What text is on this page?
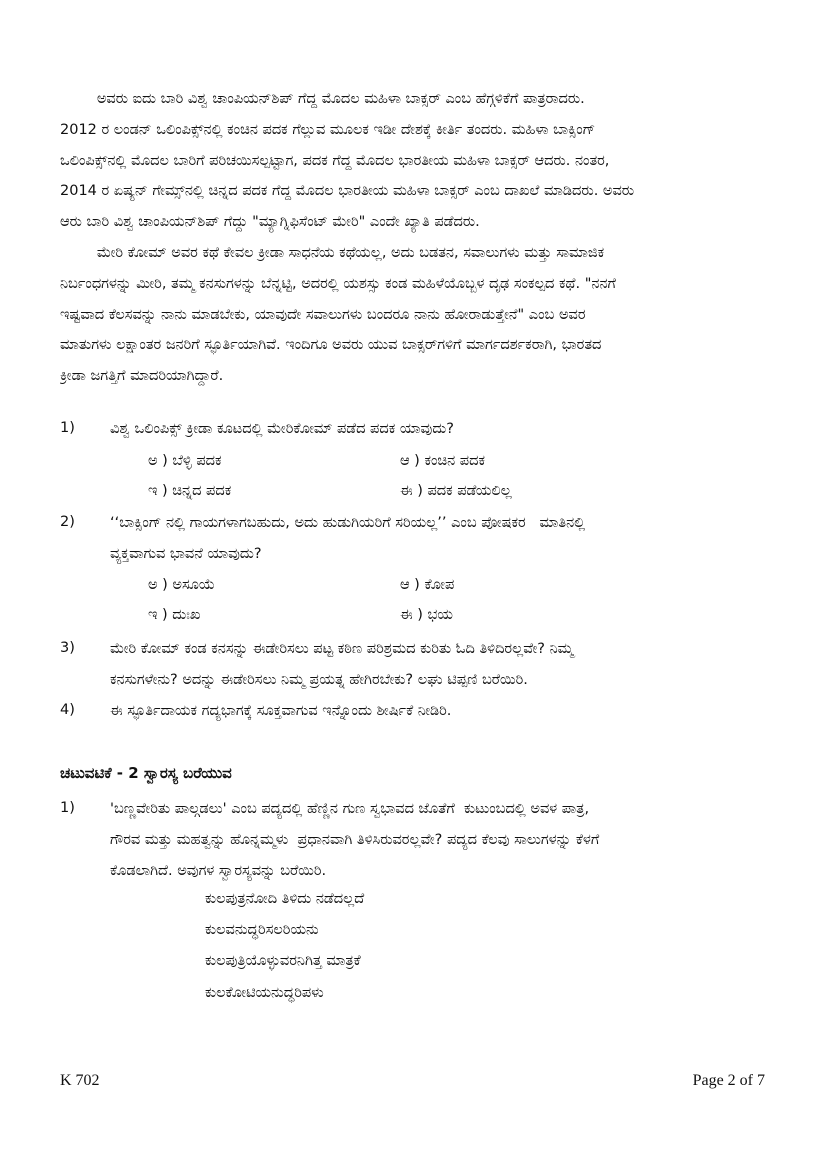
ಅವರು ಐದು ಬಾರಿ ವಿಶ್ವ ಚಾಂಪಿಯನ್‌ಶಿಪ್ ಗೆದ್ದ ಮೊದಲ ಮಹಿಳಾ ಬಾಕ್ಸರ್ ಎಂಬ ಹೆಗ್ಗಳಿಕೆಗೆ ಪಾತ್ರರಾದರು.
2012 ರ ಲಂಡನ್ ಒಲಿಂಪಿಕ್ಸ್‌ನಲ್ಲಿ ಕಂಚಿನ ಪದಕ ಗೆಲ್ಲುವ ಮೂಲಕ ಇಡೀ ದೇಶಕ್ಕೆ ಕೀರ್ತಿ ತಂದರು. ಮಹಿಳಾ ಬಾಕ್ಸಿಂಗ್
ಒಲಿಂಪಿಕ್ಸ್‌ನಲ್ಲಿ ಮೊದಲ ಬಾರಿಗೆ ಪರಿಚಯಿಸಲ್ಪಟ್ಟಾಗ, ಪದಕ ಗೆದ್ದ ಮೊದಲ ಭಾರತೀಯ ಮಹಿಳಾ ಬಾಕ್ಸರ್ ಆದರು. ನಂತರ,
2014 ರ ಏಷ್ಯನ್ ಗೇಮ್ಸ್‌ನಲ್ಲಿ ಚಿನ್ನದ ಪದಕ ಗೆದ್ದ ಮೊದಲ ಭಾರತೀಯ ಮಹಿಳಾ ಬಾಕ್ಸರ್ ಎಂಬ ದಾಖಲೆ ಮಾಡಿದರು. ಅವರು
ಆರು ಬಾರಿ ವಿಶ್ವ ಚಾಂಪಿಯನ್‌ಶಿಪ್ ಗೆದ್ದು "ಮ್ಯಾಗ್ನಿಫಿಸೆಂಟ್ ಮೇರಿ" ಎಂದೇ ಖ್ಯಾತಿ ಪಡೆದರು.
ಮೇರಿ ಕೋಮ್ ಅವರ ಕಥೆ ಕೇವಲ ಕ್ರೀಡಾ ಸಾಧನೆಯ ಕಥೆಯಲ್ಲ, ಅದು ಬಡತನ, ಸವಾಲುಗಳು ಮತ್ತು ಸಾಮಾಜಿಕ
ನಿರ್ಬಂಧಗಳನ್ನು ಮೀರಿ, ತಮ್ಮ ಕನಸುಗಳನ್ನು ಬೆನ್ನಟ್ಟಿ, ಅದರಲ್ಲಿ ಯಶಸ್ಸು ಕಂಡ ಮಹಿಳೆಯೊಬ್ಬಳ ದೃಢ ಸಂಕಲ್ಪದ ಕಥೆ. "ನನಗೆ
ಇಷ್ಟವಾದ ಕೆಲಸವನ್ನು ನಾನು ಮಾಡಬೇಕು, ಯಾವುದೇ ಸವಾಲುಗಳು ಬಂದರೂ ನಾನು ಹೋರಾಡುತ್ತೇನೆ" ಎಂಬ ಅವರ
ಮಾತುಗಳು ಲಕ್ಷಾಂತರ ಜನರಿಗೆ ಸ್ಫೂರ್ತಿಯಾಗಿವೆ. ಇಂದಿಗೂ ಅವರು ಯುವ ಬಾಕ್ಸರ್‌ಗಳಿಗೆ ಮಾರ್ಗದರ್ಶಕರಾಗಿ, ಭಾರತದ
ಕ್ರೀಡಾ ಜಗತ್ತಿಗೆ ಮಾದರಿಯಾಗಿದ್ದಾರೆ.
1) ವಿಶ್ವ ಒಲಿಂಪಿಕ್ಸ್ ಕ್ರೀಡಾ ಕೂಟದಲ್ಲಿ ಮೇರಿಕೋಮ್ ಪಡೆದ ಪದಕ ಯಾವುದು?
ಅ ) ಬೆಳ್ಳಿ ಪದಕ	ಆ ) ಕಂಚಿನ ಪದಕ
ಇ ) ಚಿನ್ನದ ಪದಕ	ಈ ) ಪದಕ ಪಡೆಯಲಿಲ್ಲ
2) ‘‘ಬಾಕ್ಸಿಂಗ್ ನಲ್ಲಿ ಗಾಯಗಳಾಗಬಹುದು, ಅದು ಹುಡುಗಿಯರಿಗೆ ಸರಿಯಲ್ಲ’’ ಎಂಬ ಪೋಷಕರ   ಮಾತಿನಲ್ಲಿ
ವ್ಯಕ್ತವಾಗುವ ಭಾವನೆ ಯಾವುದು?
ಅ ) ಅಸೂಯೆ	ಆ ) ಕೋಪ
ಇ ) ದುಃಖ	ಈ ) ಭಯ
3) ಮೇರಿ ಕೋಮ್ ಕಂಡ ಕನಸನ್ನು ಈಡೇರಿಸಲು ಪಟ್ಟ ಕಠಿಣ ಪರಿಶ್ರಮದ ಕುರಿತು ಓದಿ ತಿಳಿದಿರಲ್ಲವೇ? ನಿಮ್ಮ
ಕನಸುಗಳೇನು? ಅದನ್ನು ಈಡೇರಿಸಲು ನಿಮ್ಮ ಪ್ರಯತ್ನ ಹೇಗಿರಬೇಕು? ಲಘು ಟಿಪ್ಪಣಿ ಬರೆಯಿರಿ.
4) ಈ ಸ್ಫೂರ್ತಿದಾಯಕ ಗದ್ಯಭಾಗಕ್ಕೆ ಸೂಕ್ತವಾಗುವ ಇನ್ನೊಂದು ಶೀರ್ಷಿಕೆ ನೀಡಿರಿ.
ಚಟುವಟಿಕೆ - 2 ಸ್ವಾರಸ್ಯ ಬರೆಯುವ
1) 'ಬಣ್ಣವೇರಿತು ಪಾಲ್ಗಡಲು' ಎಂಬ ಪದ್ಯದಲ್ಲಿ ಹೆಣ್ಣಿನ ಗುಣ ಸ್ವಭಾವದ ಜೊತೆಗೆ  ಕುಟುಂಬದಲ್ಲಿ ಅವಳ ಪಾತ್ರ,
ಗೌರವ ಮತ್ತು ಮಹತ್ವನ್ನು ಹೊನ್ನಮ್ಮಳು  ಪ್ರಧಾನವಾಗಿ ತಿಳಿಸಿರುವರಲ್ಲವೇ? ಪದ್ಯದ ಕೆಲವು ಸಾಲುಗಳನ್ನು ಕೆಳಗೆ
ಕೊಡಲಾಗಿದೆ. ಅವುಗಳ ಸ್ವಾರಸ್ಯವನ್ನು ಬರೆಯಿರಿ.
ಕುಲಪುತ್ರನೋದಿ ತಿಳಿದು ನಡೆದಲ್ಲದೆ
ಕುಲವನುದ್ಧರಿಸಲರಿಯನು
ಕುಲಪುತ್ರಿಯೊಳ್ಳುವರನಿಗಿತ್ತ ಮಾತ್ರಕೆ
ಕುಲಕೋಟಿಯನುದ್ಧರಿಪಳು
K 702	Page 2 of 7
